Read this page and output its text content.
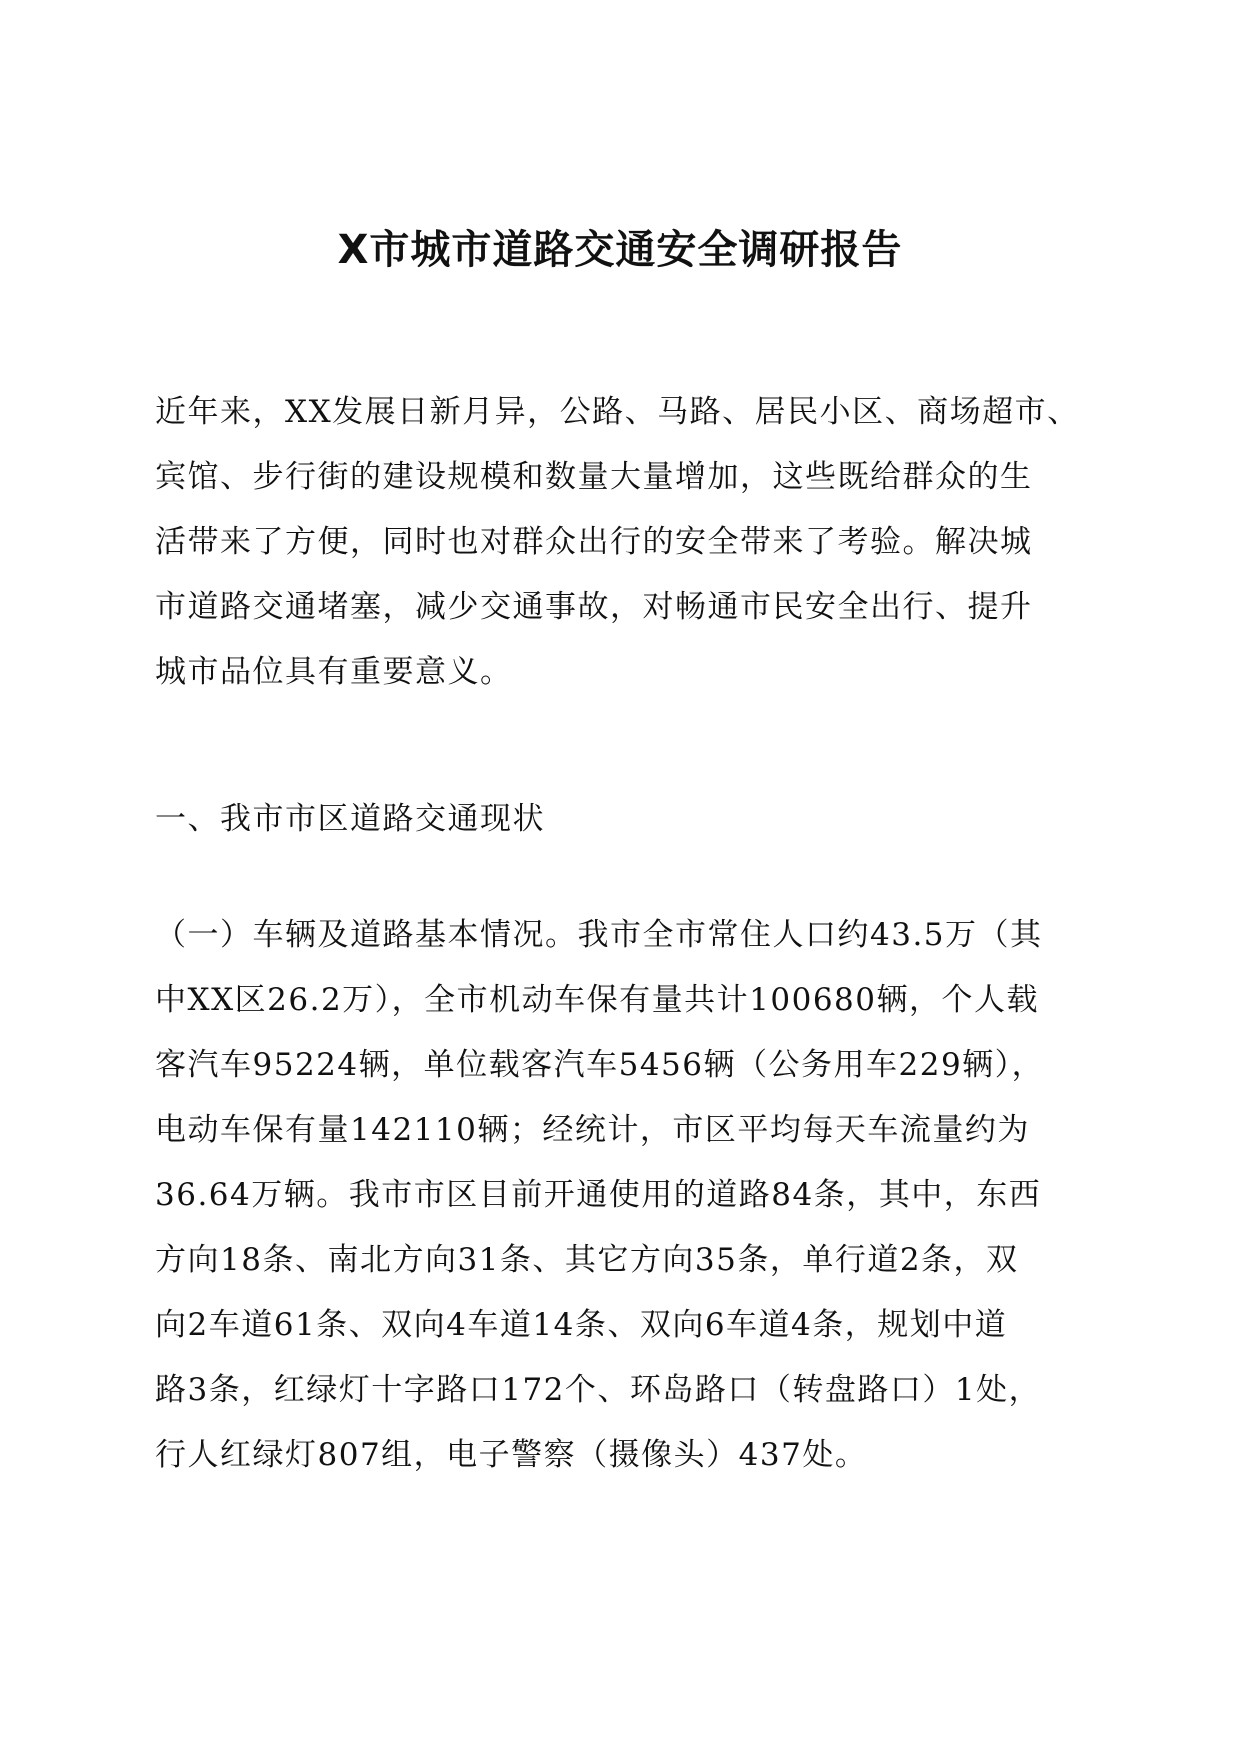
X市城市道路交通安全调研报告

近年来，XX发展日新月异，公路、马路、居民小区、商场超市、
宾馆、步行街的建设规模和数量大量增加，这些既给群众的生
活带来了方便，同时也对群众出行的安全带来了考验。解决城
市道路交通堵塞，减少交通事故，对畅通市民安全出行、提升
城市品位具有重要意义。

一、我市市区道路交通现状

（一）车辆及道路基本情况。我市全市常住人口约43.5万（其
中XX区26.2万），全市机动车保有量共计100680辆，个人载
客汽车95224辆，单位载客汽车5456辆（公务用车229辆），
电动车保有量142110辆；经统计，市区平均每天车流量约为
36.64万辆。我市市区目前开通使用的道路84条，其中，东西
方向18条、南北方向31条、其它方向35条，单行道2条，双
向2车道61条、双向4车道14条、双向6车道4条，规划中道
路3条，红绿灯十字路口172个、环岛路口（转盘路口）1处，
行人红绿灯807组，电子警察（摄像头）437处。
